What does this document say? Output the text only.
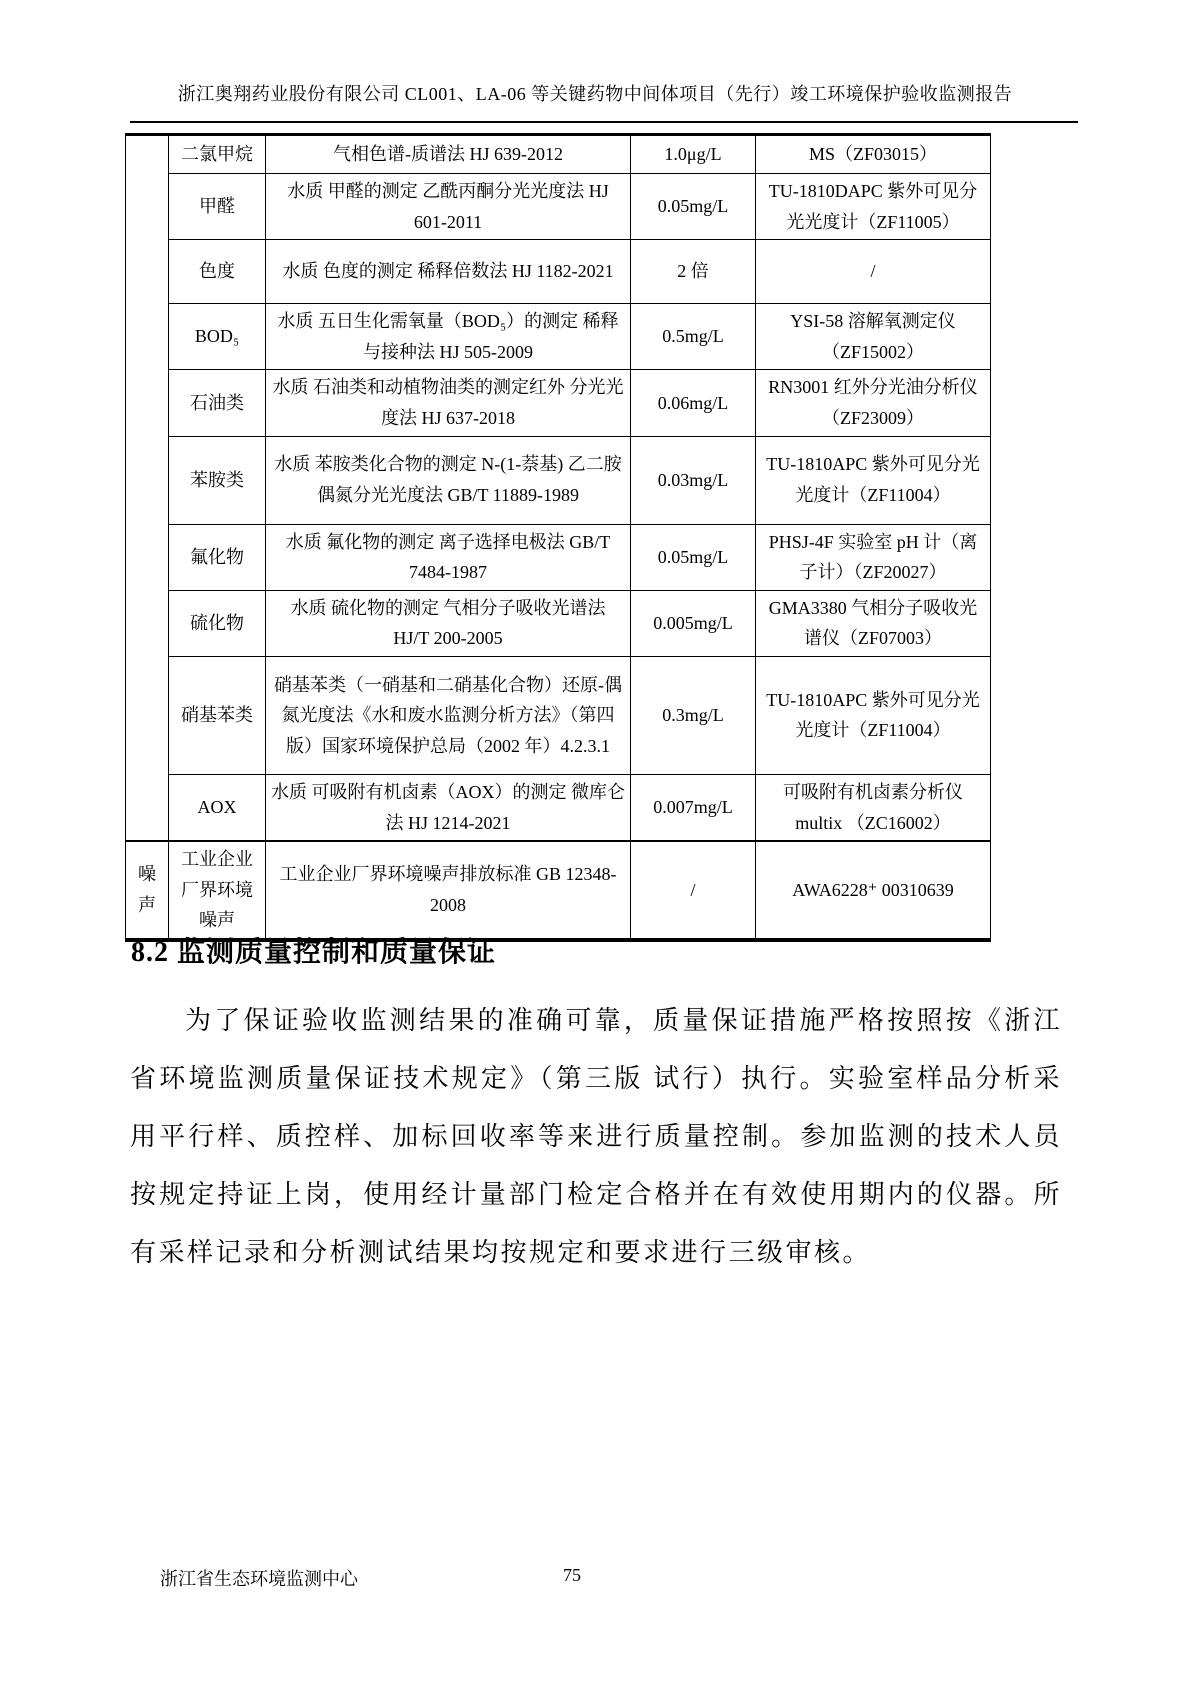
浙江奥翔药业股份有限公司 CL001、LA-06 等关键药物中间体项目（先行）竣工环境保护验收监测报告
	二氯甲烷	气相色谱-质谱法 HJ 639-2012	1.0μg/L	MS（ZF03015）
	甲醛	水质 甲醛的测定 乙酰丙酮分光光度法 HJ 601-2011	0.05mg/L	TU-1810DAPC 紫外可见分光光度计（ZF11005）
	色度	水质 色度的测定 稀释倍数法 HJ 1182-2021	2 倍	/
	BOD₅	水质 五日生化需氧量（BOD₅）的测定 稀释与接种法 HJ 505-2009	0.5mg/L	YSI-58 溶解氧测定仪 （ZF15002）
	石油类	水质 石油类和动植物油类的测定红外 分光光度法 HJ 637-2018	0.06mg/L	RN3001 红外分光油分析仪（ZF23009）
	苯胺类	水质 苯胺类化合物的测定 N-(1-萘基) 乙二胺偶氮分光光度法 GB/T 11889-1989	0.03mg/L	TU-1810APC 紫外可见分光光度计（ZF11004）
	氟化物	水质 氟化物的测定 离子选择电极法 GB/T 7484-1987	0.05mg/L	PHSJ-4F 实验室 pH 计（离子计）（ZF20027）
	硫化物	水质 硫化物的测定 气相分子吸收光谱法 HJ/T 200-2005	0.005mg/L	GMA3380 气相分子吸收光谱仪（ZF07003）
	硝基苯类	硝基苯类（一硝基和二硝基化合物）还原-偶氮光度法《水和废水监测分析方法》（第四版）国家环境保护总局（2002 年）4.2.3.1	0.3mg/L	TU-1810APC 紫外可见分光光度计（ZF11004）
	AOX	水质 可吸附有机卤素（AOX）的测定 微库仑法 HJ 1214-2021	0.007mg/L	可吸附有机卤素分析仪 multix （ZC16002）
噪声	工业企业厂界环境噪声	工业企业厂界环境噪声排放标准 GB 12348-2008	/	AWA6228⁺ 00310639
8.2 监测质量控制和质量保证
为了保证验收监测结果的准确可靠，质量保证措施严格按照按《浙江省环境监测质量保证技术规定》（第三版 试行）执行。实验室样品分析采用平行样、质控样、加标回收率等来进行质量控制。参加监测的技术人员按规定持证上岗，使用经计量部门检定合格并在有效使用期内的仪器。所有采样记录和分析测试结果均按规定和要求进行三级审核。
浙江省生态环境监测中心	75
